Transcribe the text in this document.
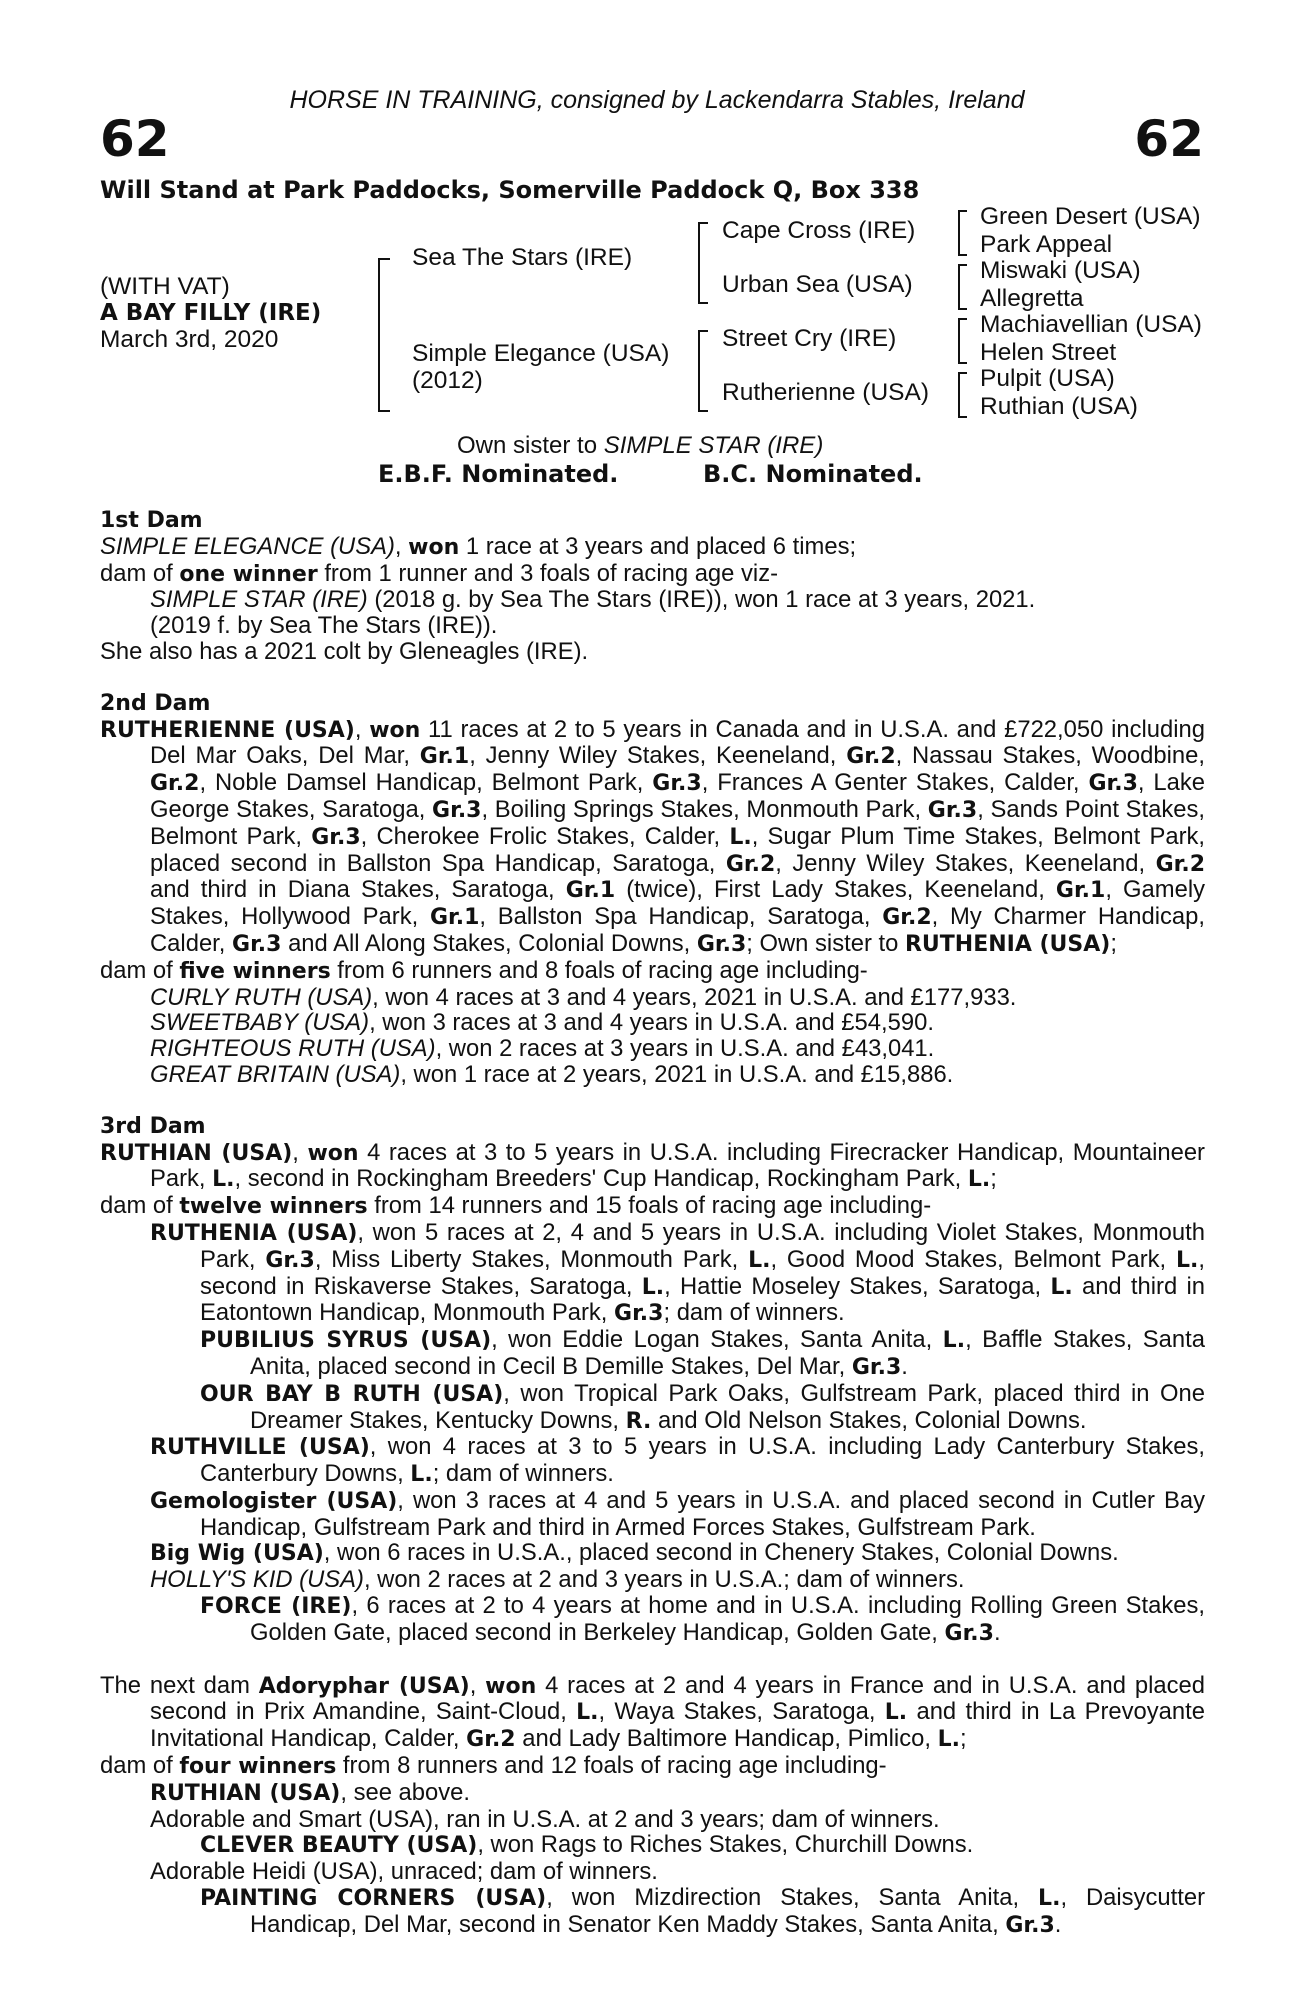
HORSE IN TRAINING, consigned by Lackendarra Stables, Ireland
62	62
Will Stand at Park Paddocks, Somerville Paddock Q, Box 338
(WITH VAT)
A BAY FILLY (IRE)
March 3rd, 2020
Sea The Stars (IRE)
Simple Elegance (USA)
(2012)
Cape Cross (IRE)
Urban Sea (USA)
Street Cry (IRE)
Rutherienne (USA)
Green Desert (USA)
Park Appeal
Miswaki (USA)
Allegretta
Machiavellian (USA)
Helen Street
Pulpit (USA)
Ruthian (USA)
Own sister to SIMPLE STAR (IRE)
E.B.F. Nominated.	B.C. Nominated.

1st Dam

SIMPLE ELEGANCE (USA), won 1 race at 3 years and placed 6 times;

dam of one winner from 1 runner and 3 foals of racing age viz-

SIMPLE STAR (IRE) (2018 g. by Sea The Stars (IRE)), won 1 race at 3 years, 2021.

(2019 f. by Sea The Stars (IRE)).

She also has a 2021 colt by Gleneagles (IRE).

2nd Dam

RUTHERIENNE (USA), won 11 races at 2 to 5 years in Canada and in U.S.A. and £722,050 including Del Mar Oaks, Del Mar, Gr.1, Jenny Wiley Stakes, Keeneland, Gr.2, Nassau Stakes, Woodbine, Gr.2, Noble Damsel Handicap, Belmont Park, Gr.3, Frances A Genter Stakes, Calder, Gr.3, Lake George Stakes, Saratoga, Gr.3, Boiling Springs Stakes, Monmouth Park, Gr.3, Sands Point Stakes, Belmont Park, Gr.3, Cherokee Frolic Stakes, Calder, L., Sugar Plum Time Stakes, Belmont Park, placed second in Ballston Spa Handicap, Saratoga, Gr.2, Jenny Wiley Stakes, Keeneland, Gr.2 and third in Diana Stakes, Saratoga, Gr.1 (twice), First Lady Stakes, Keeneland, Gr.1, Gamely Stakes, Hollywood Park, Gr.1, Ballston Spa Handicap, Saratoga, Gr.2, My Charmer Handicap, Calder, Gr.3 and All Along Stakes, Colonial Downs, Gr.3; Own sister to RUTHENIA (USA);

dam of five winners from 6 runners and 8 foals of racing age including-

CURLY RUTH (USA), won 4 races at 3 and 4 years, 2021 in U.S.A. and £177,933.

SWEETBABY (USA), won 3 races at 3 and 4 years in U.S.A. and £54,590.

RIGHTEOUS RUTH (USA), won 2 races at 3 years in U.S.A. and £43,041.

GREAT BRITAIN (USA), won 1 race at 2 years, 2021 in U.S.A. and £15,886.

3rd Dam

RUTHIAN (USA), won 4 races at 3 to 5 years in U.S.A. including Firecracker Handicap, Mountaineer Park, L., second in Rockingham Breeders' Cup Handicap, Rockingham Park, L.;

dam of twelve winners from 14 runners and 15 foals of racing age including-

RUTHENIA (USA), won 5 races at 2, 4 and 5 years in U.S.A. including Violet Stakes, Monmouth Park, Gr.3, Miss Liberty Stakes, Monmouth Park, L., Good Mood Stakes, Belmont Park, L., second in Riskaverse Stakes, Saratoga, L., Hattie Moseley Stakes, Saratoga, L. and third in Eatontown Handicap, Monmouth Park, Gr.3; dam of winners.

PUBILIUS SYRUS (USA), won Eddie Logan Stakes, Santa Anita, L., Baffle Stakes, Santa Anita, placed second in Cecil B Demille Stakes, Del Mar, Gr.3.

OUR BAY B RUTH (USA), won Tropical Park Oaks, Gulfstream Park, placed third in One Dreamer Stakes, Kentucky Downs, R. and Old Nelson Stakes, Colonial Downs.

RUTHVILLE (USA), won 4 races at 3 to 5 years in U.S.A. including Lady Canterbury Stakes, Canterbury Downs, L.; dam of winners.

Gemologister (USA), won 3 races at 4 and 5 years in U.S.A. and placed second in Cutler Bay Handicap, Gulfstream Park and third in Armed Forces Stakes, Gulfstream Park.

Big Wig (USA), won 6 races in U.S.A., placed second in Chenery Stakes, Colonial Downs.

HOLLY'S KID (USA), won 2 races at 2 and 3 years in U.S.A.; dam of winners.

FORCE (IRE), 6 races at 2 to 4 years at home and in U.S.A. including Rolling Green Stakes, Golden Gate, placed second in Berkeley Handicap, Golden Gate, Gr.3.

The next dam Adoryphar (USA), won 4 races at 2 and 4 years in France and in U.S.A. and placed second in Prix Amandine, Saint-Cloud, L., Waya Stakes, Saratoga, L. and third in La Prevoyante Invitational Handicap, Calder, Gr.2 and Lady Baltimore Handicap, Pimlico, L.;

dam of four winners from 8 runners and 12 foals of racing age including-

RUTHIAN (USA), see above.

Adorable and Smart (USA), ran in U.S.A. at 2 and 3 years; dam of winners.

CLEVER BEAUTY (USA), won Rags to Riches Stakes, Churchill Downs.

Adorable Heidi (USA), unraced; dam of winners.

PAINTING CORNERS (USA), won Mizdirection Stakes, Santa Anita, L., Daisycutter Handicap, Del Mar, second in Senator Ken Maddy Stakes, Santa Anita, Gr.3.
